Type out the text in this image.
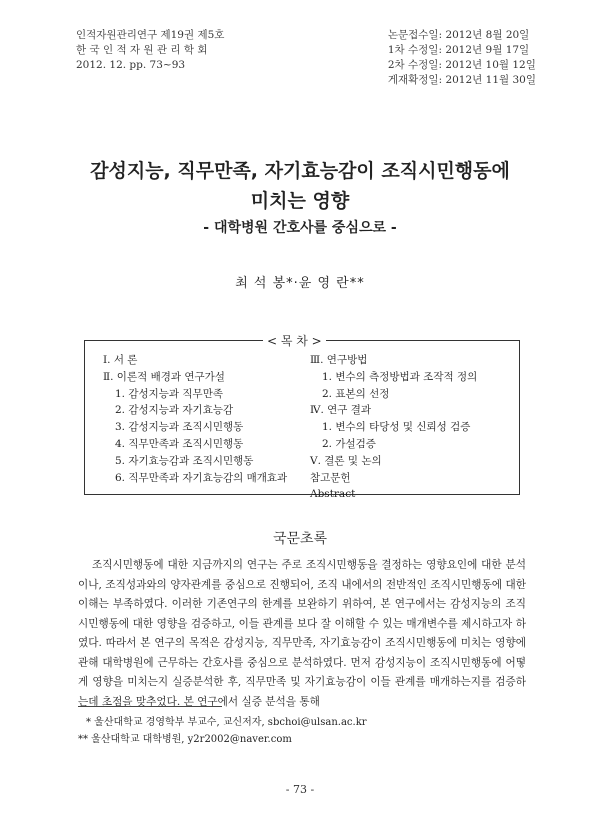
인적자원관리연구 제19권 제5호
한 국 인 적 자 원 관 리 학 회
2012. 12. pp. 73~93
논문접수일: 2012년 8월 20일
1차 수정일: 2012년 9월 17일
2차 수정일: 2012년 10월 12일
게재확정일: 2012년 11월 30일
감성지능, 직무만족, 자기효능감이 조직시민행동에
미치는 영향
- 대학병원 간호사를 중심으로 -
최 석 봉*·윤 영 란**
< 목 차 >
Ⅰ. 서 론
Ⅱ. 이론적 배경과 연구가설
1. 감성지능과 직무만족
2. 감성지능과 자기효능감
3. 감성지능과 조직시민행동
4. 직무만족과 조직시민행동
5. 자기효능감과 조직시민행동
6. 직무만족과 자기효능감의 매개효과
Ⅲ. 연구방법
1. 변수의 측정방법과 조작적 정의
2. 표본의 선정
Ⅳ. 연구 결과
1. 변수의 타당성 및 신뢰성 검증
2. 가설검증
Ⅴ. 결론 및 논의
참고문헌
Abstract
국문초록
조직시민행동에 대한 지금까지의 연구는 주로 조직시민행동을 결정하는 영향요인에 대한 분석이나, 조직성과와의 양자관계를 중심으로 진행되어, 조직 내에서의 전반적인 조직시민행동에 대한 이해는 부족하였다. 이러한 기존연구의 한계를 보완하기 위하여, 본 연구에서는 감성지능의 조직시민행동에 대한 영향을 검증하고, 이들 관계를 보다 잘 이해할 수 있는 매개변수를 제시하고자 하였다. 따라서 본 연구의 목적은 감성지능, 직무만족, 자기효능감이 조직시민행동에 미치는 영향에 관해 대학병원에 근무하는 간호사를 중심으로 분석하였다. 먼저 감성지능이 조직시민행동에 어떻게 영향을 미치는지 실증분석한 후, 직무만족 및 자기효능감이 이들 관계를 매개하는지를 검증하는데 초점을 맞추었다. 본 연구에서 실증 분석을 통해
* 울산대학교 경영학부 부교수, 교신저자, sbchoi@ulsan.ac.kr
** 울산대학교 대학병원, y2r2002@naver.com
- 73 -
